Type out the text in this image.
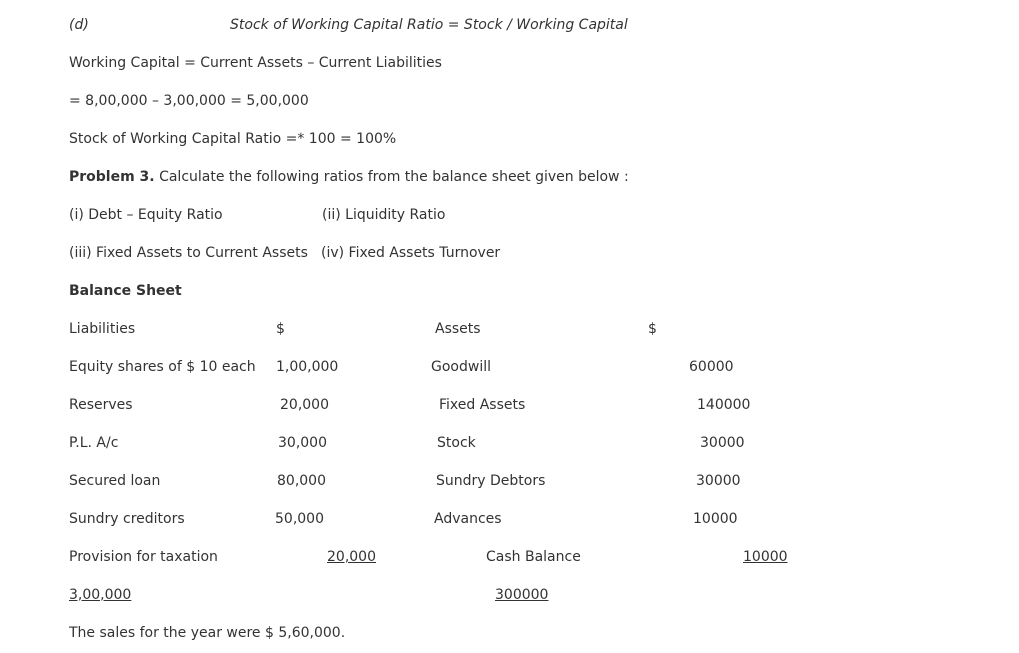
(d)	Stock of Working Capital Ratio = Stock / Working Capital
Working Capital = Current Assets – Current Liabilities
= 8,00,000 – 3,00,000 = 5,00,000
Stock of Working Capital Ratio =* 100 = 100%
Problem 3. Calculate the following ratios from the balance sheet given below :
(i) Debt – Equity Ratio	(ii) Liquidity Ratio
(iii) Fixed Assets to Current Assets (iv) Fixed Assets Turnover
Balance Sheet
Liabilities	$	Assets	$
Equity shares of $ 10 each 1,00,000	Goodwill	60000
Reserves	20,000	Fixed Assets	140000
P.L. A/c	30,000	Stock	30000
Secured loan	80,000	Sundry Debtors	30000
Sundry creditors	50,000	Advances	10000
Provision for taxation	20,000	Cash Balance	10000
3,00,000	300000
The sales for the year were $ 5,60,000.
